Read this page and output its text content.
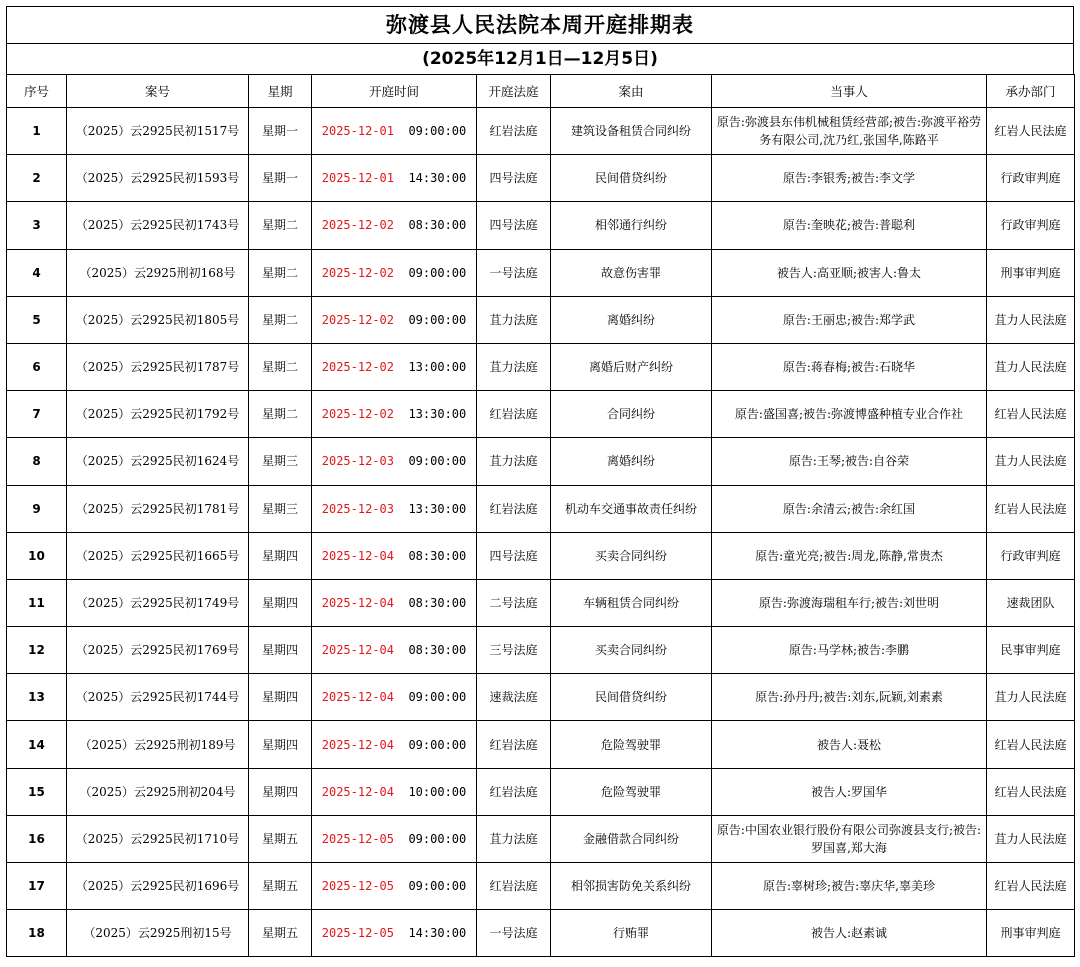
弥渡县人民法院本周开庭排期表
(2025年12月1日—12月5日)
序号	案号	星期	开庭时间	开庭法庭	案由	当事人	承办部门
1	（2025）云2925民初1517号	星期一	2025-12-01 09:00:00	红岩法庭	建筑设备租赁合同纠纷	原告:弥渡县东伟机械租赁经营部;被告:弥渡平裕劳务有限公司,沈乃红,张国华,陈路平	红岩人民法庭
2	（2025）云2925民初1593号	星期一	2025-12-01 14:30:00	四号法庭	民间借贷纠纷	原告:李银秀;被告:李文学	行政审判庭
3	（2025）云2925民初1743号	星期二	2025-12-02 08:30:00	四号法庭	相邻通行纠纷	原告:奎映花;被告:普聪利	行政审判庭
4	（2025）云2925刑初168号	星期二	2025-12-02 09:00:00	一号法庭	故意伤害罪	被告人:高亚顺;被害人:鲁太	刑事审判庭
5	（2025）云2925民初1805号	星期二	2025-12-02 09:00:00	苴力法庭	离婚纠纷	原告:王丽忠;被告:郑学武	苴力人民法庭
6	（2025）云2925民初1787号	星期二	2025-12-02 13:00:00	苴力法庭	离婚后财产纠纷	原告:蒋春梅;被告:石晓华	苴力人民法庭
7	（2025）云2925民初1792号	星期二	2025-12-02 13:30:00	红岩法庭	合同纠纷	原告:盛国喜;被告:弥渡博盛种植专业合作社	红岩人民法庭
8	（2025）云2925民初1624号	星期三	2025-12-03 09:00:00	苴力法庭	离婚纠纷	原告:王琴;被告:自谷荣	苴力人民法庭
9	（2025）云2925民初1781号	星期三	2025-12-03 13:30:00	红岩法庭	机动车交通事故责任纠纷	原告:余清云;被告:余红国	红岩人民法庭
10	（2025）云2925民初1665号	星期四	2025-12-04 08:30:00	四号法庭	买卖合同纠纷	原告:童光亮;被告:周龙,陈静,常贵杰	行政审判庭
11	（2025）云2925民初1749号	星期四	2025-12-04 08:30:00	二号法庭	车辆租赁合同纠纷	原告:弥渡海瑞租车行;被告:刘世明	速裁团队
12	（2025）云2925民初1769号	星期四	2025-12-04 08:30:00	三号法庭	买卖合同纠纷	原告:马学林;被告:李鹏	民事审判庭
13	（2025）云2925民初1744号	星期四	2025-12-04 09:00:00	速裁法庭	民间借贷纠纷	原告:孙丹丹;被告:刘东,阮颖,刘素素	苴力人民法庭
14	（2025）云2925刑初189号	星期四	2025-12-04 09:00:00	红岩法庭	危险驾驶罪	被告人:聂松	红岩人民法庭
15	（2025）云2925刑初204号	星期四	2025-12-04 10:00:00	红岩法庭	危险驾驶罪	被告人:罗国华	红岩人民法庭
16	（2025）云2925民初1710号	星期五	2025-12-05 09:00:00	苴力法庭	金融借款合同纠纷	原告:中国农业银行股份有限公司弥渡县支行;被告:罗国喜,郑大海	苴力人民法庭
17	（2025）云2925民初1696号	星期五	2025-12-05 09:00:00	红岩法庭	相邻损害防免关系纠纷	原告:辜树珍;被告:辜庆华,辜美珍	红岩人民法庭
18	（2025）云2925刑初15号	星期五	2025-12-05 14:30:00	一号法庭	行贿罪	被告人:赵素诚	刑事审判庭
